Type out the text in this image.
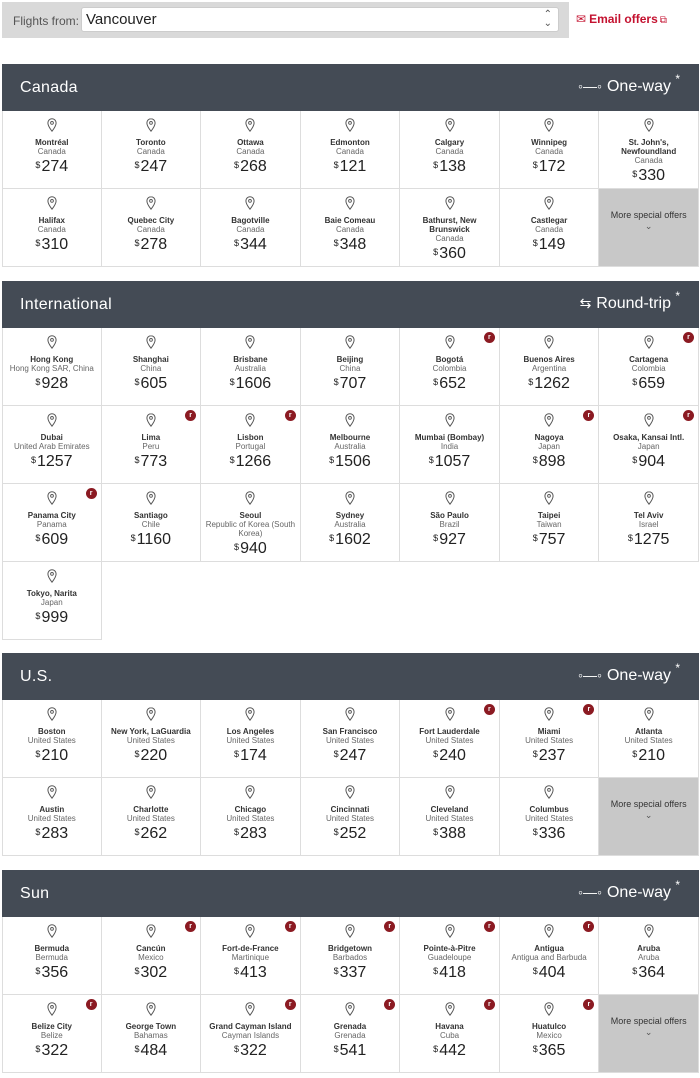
Flights from: Vancouver	⌃
⌄ ✉ Email offers ⧉
Canada	◦—◦ One-way *
Montréal
Canada
$274
Toronto
Canada
$247
Ottawa
Canada
$268
Edmonton
Canada
$121
Calgary
Canada
$138
Winnipeg
Canada
$172
St. John's, Newfoundland
Canada
$330
Halifax
Canada
$310
Quebec City
Canada
$278
Bagotville
Canada
$344
Baie Comeau
Canada
$348
Bathurst, New Brunswick
Canada
$360
Castlegar
Canada
$149
More special offers
⌄
International	⇆ Round-trip *
Hong Kong
Hong Kong SAR, China
$928
Shanghai
China
$605
Brisbane
Australia
$1606
Beijing
China
$707
r
Bogotá
Colombia
$652
Buenos Aires
Argentina
$1262
r
Cartagena
Colombia
$659
Dubai
United Arab Emirates
$1257
r
Lima
Peru
$773
r
Lisbon
Portugal
$1266
Melbourne
Australia
$1506
Mumbai (Bombay)
India
$1057
r
Nagoya
Japan
$898
r
Osaka, Kansai Intl.
Japan
$904
r
Panama City
Panama
$609
Santiago
Chile
$1160
Seoul
Republic of Korea (South Korea)
$940
Sydney
Australia
$1602
São Paulo
Brazil
$927
Taipei
Taiwan
$757
Tel Aviv
Israel
$1275
Tokyo, Narita
Japan
$999
U.S.	◦—◦ One-way *
Boston
United States
$210
New York, LaGuardia
United States
$220
Los Angeles
United States
$174
San Francisco
United States
$247
r
Fort Lauderdale
United States
$240
r
Miami
United States
$237
Atlanta
United States
$210
Austin
United States
$283
Charlotte
United States
$262
Chicago
United States
$283
Cincinnati
United States
$252
Cleveland
United States
$388
Columbus
United States
$336
More special offers
⌄
Sun	◦—◦ One-way *
Bermuda
Bermuda
$356
r
Cancún
Mexico
$302
r
Fort-de-France
Martinique
$413
r
Bridgetown
Barbados
$337
r
Pointe-à-Pitre
Guadeloupe
$418
r
Antigua
Antigua and Barbuda
$404
Aruba
Aruba
$364
r
Belize City
Belize
$322
George Town
Bahamas
$484
r
Grand Cayman Island
Cayman Islands
$322
r
Grenada
Grenada
$541
r
Havana
Cuba
$442
r
Huatulco
Mexico
$365
More special offers
⌄
